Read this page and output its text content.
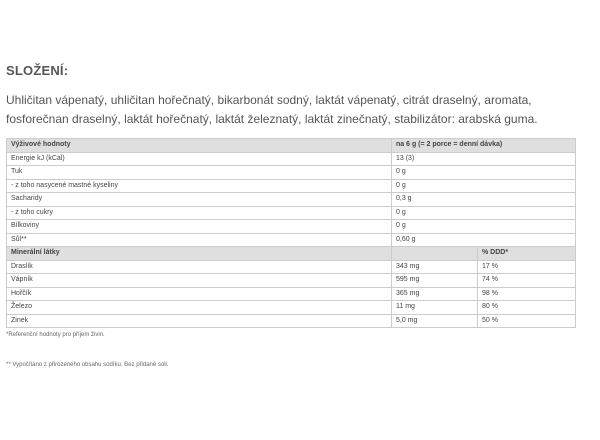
SLOŽENÍ:

Uhličitan vápenatý, uhličitan hořečnatý, bikarbonát sodný, laktát vápenatý, citrát draselný, aromata, fosforečnan draselný, laktát hořečnatý, laktát železnatý, laktát zinečnatý, stabilizátor: arabská guma.

Výživové hodnoty	na 6 g (= 2 porce = denní dávka)	
Energie kJ (kCal)	13 (3)	
Tuk	0 g	
- z toho nasycené mastné kyseliny	0 g	
Sacharidy	0,3 g	
- z toho cukry	0 g	
Bílkoviny	0 g	
Sůl**	0,60 g	
Minerální látky		% DDD*
Draslík	343 mg	17 %
Vápník	595 mg	74 %
Hořčík	365 mg	98 %
Železo	11 mg	80 %
Zinek	5,0 mg	50 %

*Referenční hodnoty pro příjem živin.

** Vypočítáno z přirozeného obsahu sodíku. Bez přidané soli.
